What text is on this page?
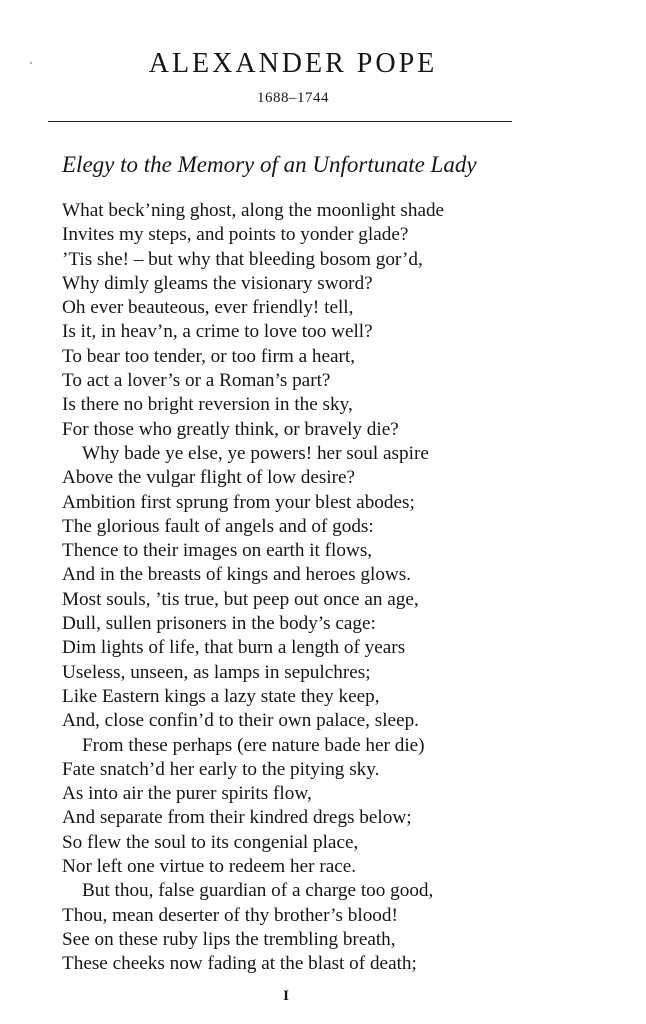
ALEXANDER POPE
1688–1744
Elegy to the Memory of an Unfortunate Lady
What beck’ning ghost, along the moonlight shade
Invites my steps, and points to yonder glade?
’Tis she! – but why that bleeding bosom gor’d,
Why dimly gleams the visionary sword?
Oh ever beauteous, ever friendly! tell,
Is it, in heav’n, a crime to love too well?
To bear too tender, or too firm a heart,
To act a lover’s or a Roman’s part?
Is there no bright reversion in the sky,
For those who greatly think, or bravely die?
Why bade ye else, ye powers! her soul aspire
Above the vulgar flight of low desire?
Ambition first sprung from your blest abodes;
The glorious fault of angels and of gods:
Thence to their images on earth it flows,
And in the breasts of kings and heroes glows.
Most souls, ’tis true, but peep out once an age,
Dull, sullen prisoners in the body’s cage:
Dim lights of life, that burn a length of years
Useless, unseen, as lamps in sepulchres;
Like Eastern kings a lazy state they keep,
And, close confin’d to their own palace, sleep.
From these perhaps (ere nature bade her die)
Fate snatch’d her early to the pitying sky.
As into air the purer spirits flow,
And separate from their kindred dregs below;
So flew the soul to its congenial place,
Nor left one virtue to redeem her race.
But thou, false guardian of a charge too good,
Thou, mean deserter of thy brother’s blood!
See on these ruby lips the trembling breath,
These cheeks now fading at the blast of death;
I
